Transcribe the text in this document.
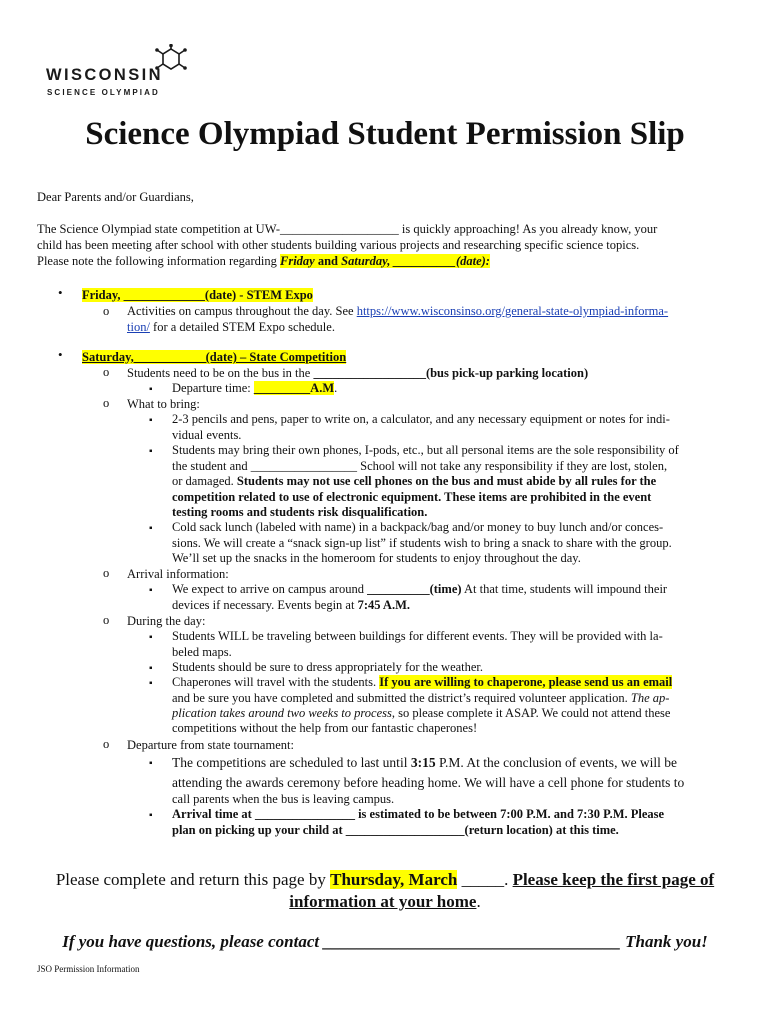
WISCONSIN
SCIENCE OLYMPIAD
Science Olympiad Student Permission Slip
Dear Parents and/or Guardians,
The Science Olympiad state competition at UW-___________________ is quickly approaching! As you already know, your
child has been meeting after school with other students building various projects and researching specific science topics.
Please note the following information regarding Friday and Saturday, __________(date):
• Friday, _____________(date) - STEM Expo
o Activities on campus throughout the day. See https://www.wisconsinso.org/general-state-olympiad-informa-
tion/ for a detailed STEM Expo schedule.
• Saturday, ___________(date) – State Competition
o Students need to be on the bus in the __________________(bus pick-up parking location)
▪ Departure time: _________A.M.
o What to bring:
▪ 2-3 pencils and pens, paper to write on, a calculator, and any necessary equipment or notes for indi-
vidual events.
▪ Students may bring their own phones, I-pods, etc., but all personal items are the sole responsibility of
the student and _________________ School will not take any responsibility if they are lost, stolen,
or damaged. Students may not use cell phones on the bus and must abide by all rules for the
competition related to use of electronic equipment. These items are prohibited in the event
testing rooms and students risk disqualification.
▪ Cold sack lunch (labeled with name) in a backpack/bag and/or money to buy lunch and/or conces-
sions. We will create a “snack sign-up list” if students wish to bring a snack to share with the group.
We’ll set up the snacks in the homeroom for students to enjoy throughout the day.
o Arrival information:
▪ We expect to arrive on campus around __________(time) At that time, students will impound their
devices if necessary. Events begin at 7:45 A.M.
o During the day:
▪ Students WILL be traveling between buildings for different events. They will be provided with la-
beled maps.
▪ Students should be sure to dress appropriately for the weather.
▪ Chaperones will travel with the students. If you are willing to chaperone, please send us an email
and be sure you have completed and submitted the district’s required volunteer application. The ap-
plication takes around two weeks to process, so please complete it ASAP. We could not attend these
competitions without the help from our fantastic chaperones!
o Departure from state tournament:
▪ The competitions are scheduled to last until 3:15 P.M. At the conclusion of events, we will be
attending the awards ceremony before heading home. We will have a cell phone for students to
call parents when the bus is leaving campus.
▪ Arrival time at ________________ is estimated to be between 7:00 P.M. and 7:30 P.M. Please
plan on picking up your child at ___________________(return location) at this time.
Please complete and return this page by Thursday, March _____. Please keep the first page of
information at your home.
If you have questions, please contact ___________________________________ Thank you!
JSO Permission Information
